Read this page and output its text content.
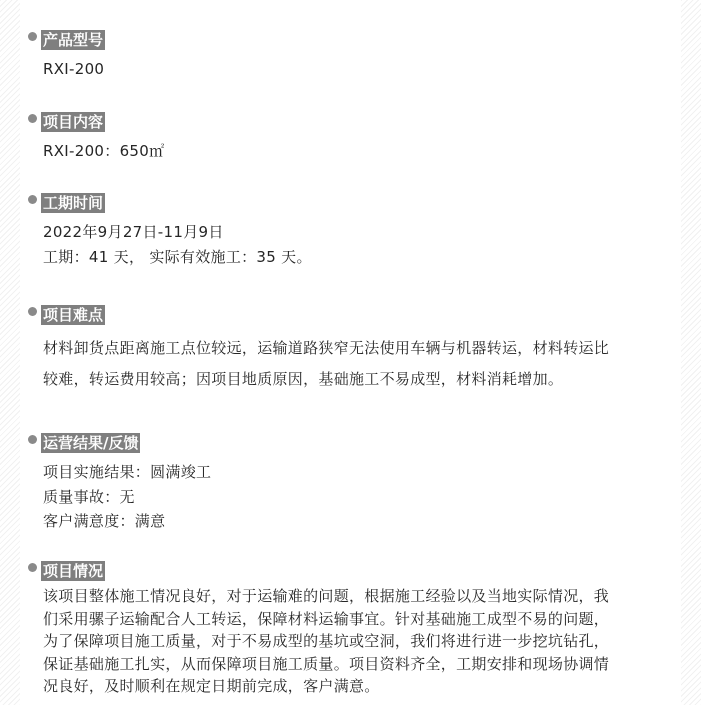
产品型号
RXI-200
项目内容
RXI-200：650㎡
工期时间
2022年9月27日-11月9日
工期：41 天， 实际有效施工：35 天。
项目难点
材料卸货点距离施工点位较远，运输道路狭窄无法使用车辆与机器转运，材料转运比
较难，转运费用较高；因项目地质原因，基础施工不易成型，材料消耗增加。
运营结果/反馈
项目实施结果：圆满竣工
质量事故：无
客户满意度：满意
项目情况
该项目整体施工情况良好，对于运输难的问题，根据施工经验以及当地实际情况，我
们采用骡子运输配合人工转运，保障材料运输事宜。针对基础施工成型不易的问题，
为了保障项目施工质量，对于不易成型的基坑或空洞，我们将进行进一步挖坑钻孔，
保证基础施工扎实，从而保障项目施工质量。项目资料齐全，工期安排和现场协调情
况良好，及时顺利在规定日期前完成，客户满意。
